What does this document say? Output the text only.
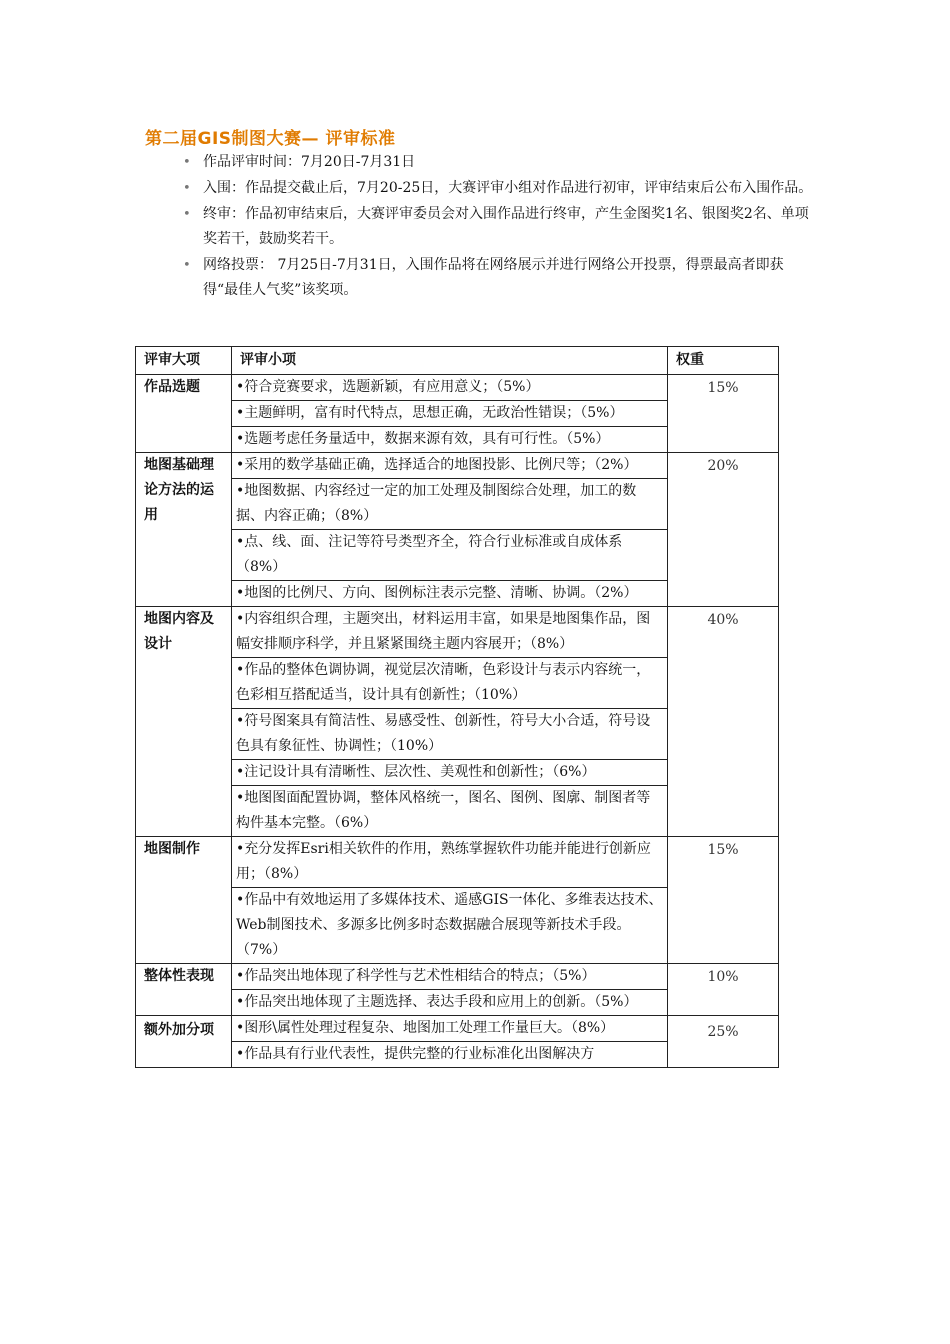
第二届GIS制图大赛— 评审标准
• 作品评审时间：7月20日-7月31日
• 入围：作品提交截止后，7月20-25日，大赛评审小组对作品进行初审，评审结束后公布入围作品。
• 终审：作品初审结束后，大赛评审委员会对入围作品进行终审，产生金图奖1名、银图奖2名、单项奖若干，鼓励奖若干。
• 网络投票： 7月25日-7月31日，入围作品将在网络展示并进行网络公开投票，得票最高者即获得“最佳人气奖”该奖项。
评审大项	评审小项	权重
作品选题	•符合竞赛要求，选题新颖，有应用意义；（5%）	15%
	•主题鲜明，富有时代特点，思想正确，无政治性错误；（5%）	
	•选题考虑任务量适中，数据来源有效，具有可行性。（5%）	
地图基础理论方法的运用	•采用的数学基础正确，选择适合的地图投影、比例尺等；（2%）	20%
	•地图数据、内容经过一定的加工处理及制图综合处理，加工的数据、内容正确；（8%）	
	•点、线、面、注记等符号类型齐全，符合行业标准或自成体系（8%）	
	•地图的比例尺、方向、图例标注表示完整、清晰、协调。（2%）	
地图内容及设计	•内容组织合理，主题突出，材料运用丰富，如果是地图集作品，图幅安排顺序科学，并且紧紧围绕主题内容展开；（8%）	40%
	•作品的整体色调协调，视觉层次清晰，色彩设计与表示内容统一，色彩相互搭配适当，设计具有创新性；（10%）	
	•符号图案具有简洁性、易感受性、创新性，符号大小合适，符号设色具有象征性、协调性；（10%）	
	•注记设计具有清晰性、层次性、美观性和创新性；（6%）	
	•地图图面配置协调，整体风格统一，图名、图例、图廓、制图者等构件基本完整。（6%）	
地图制作	•充分发挥Esri相关软件的作用，熟练掌握软件功能并能进行创新应用；（8%）	15%
	•作品中有效地运用了多媒体技术、遥感GIS一体化、多维表达技术、Web制图技术、多源多比例多时态数据融合展现等新技术手段。（7%）	
整体性表现	•作品突出地体现了科学性与艺术性相结合的特点；（5%）	10%
	•作品突出地体现了主题选择、表达手段和应用上的创新。（5%）	
额外加分项	•图形\属性处理过程复杂、地图加工处理工作量巨大。（8%）	25%
	•作品具有行业代表性，提供完整的行业标准化出图解决方	
